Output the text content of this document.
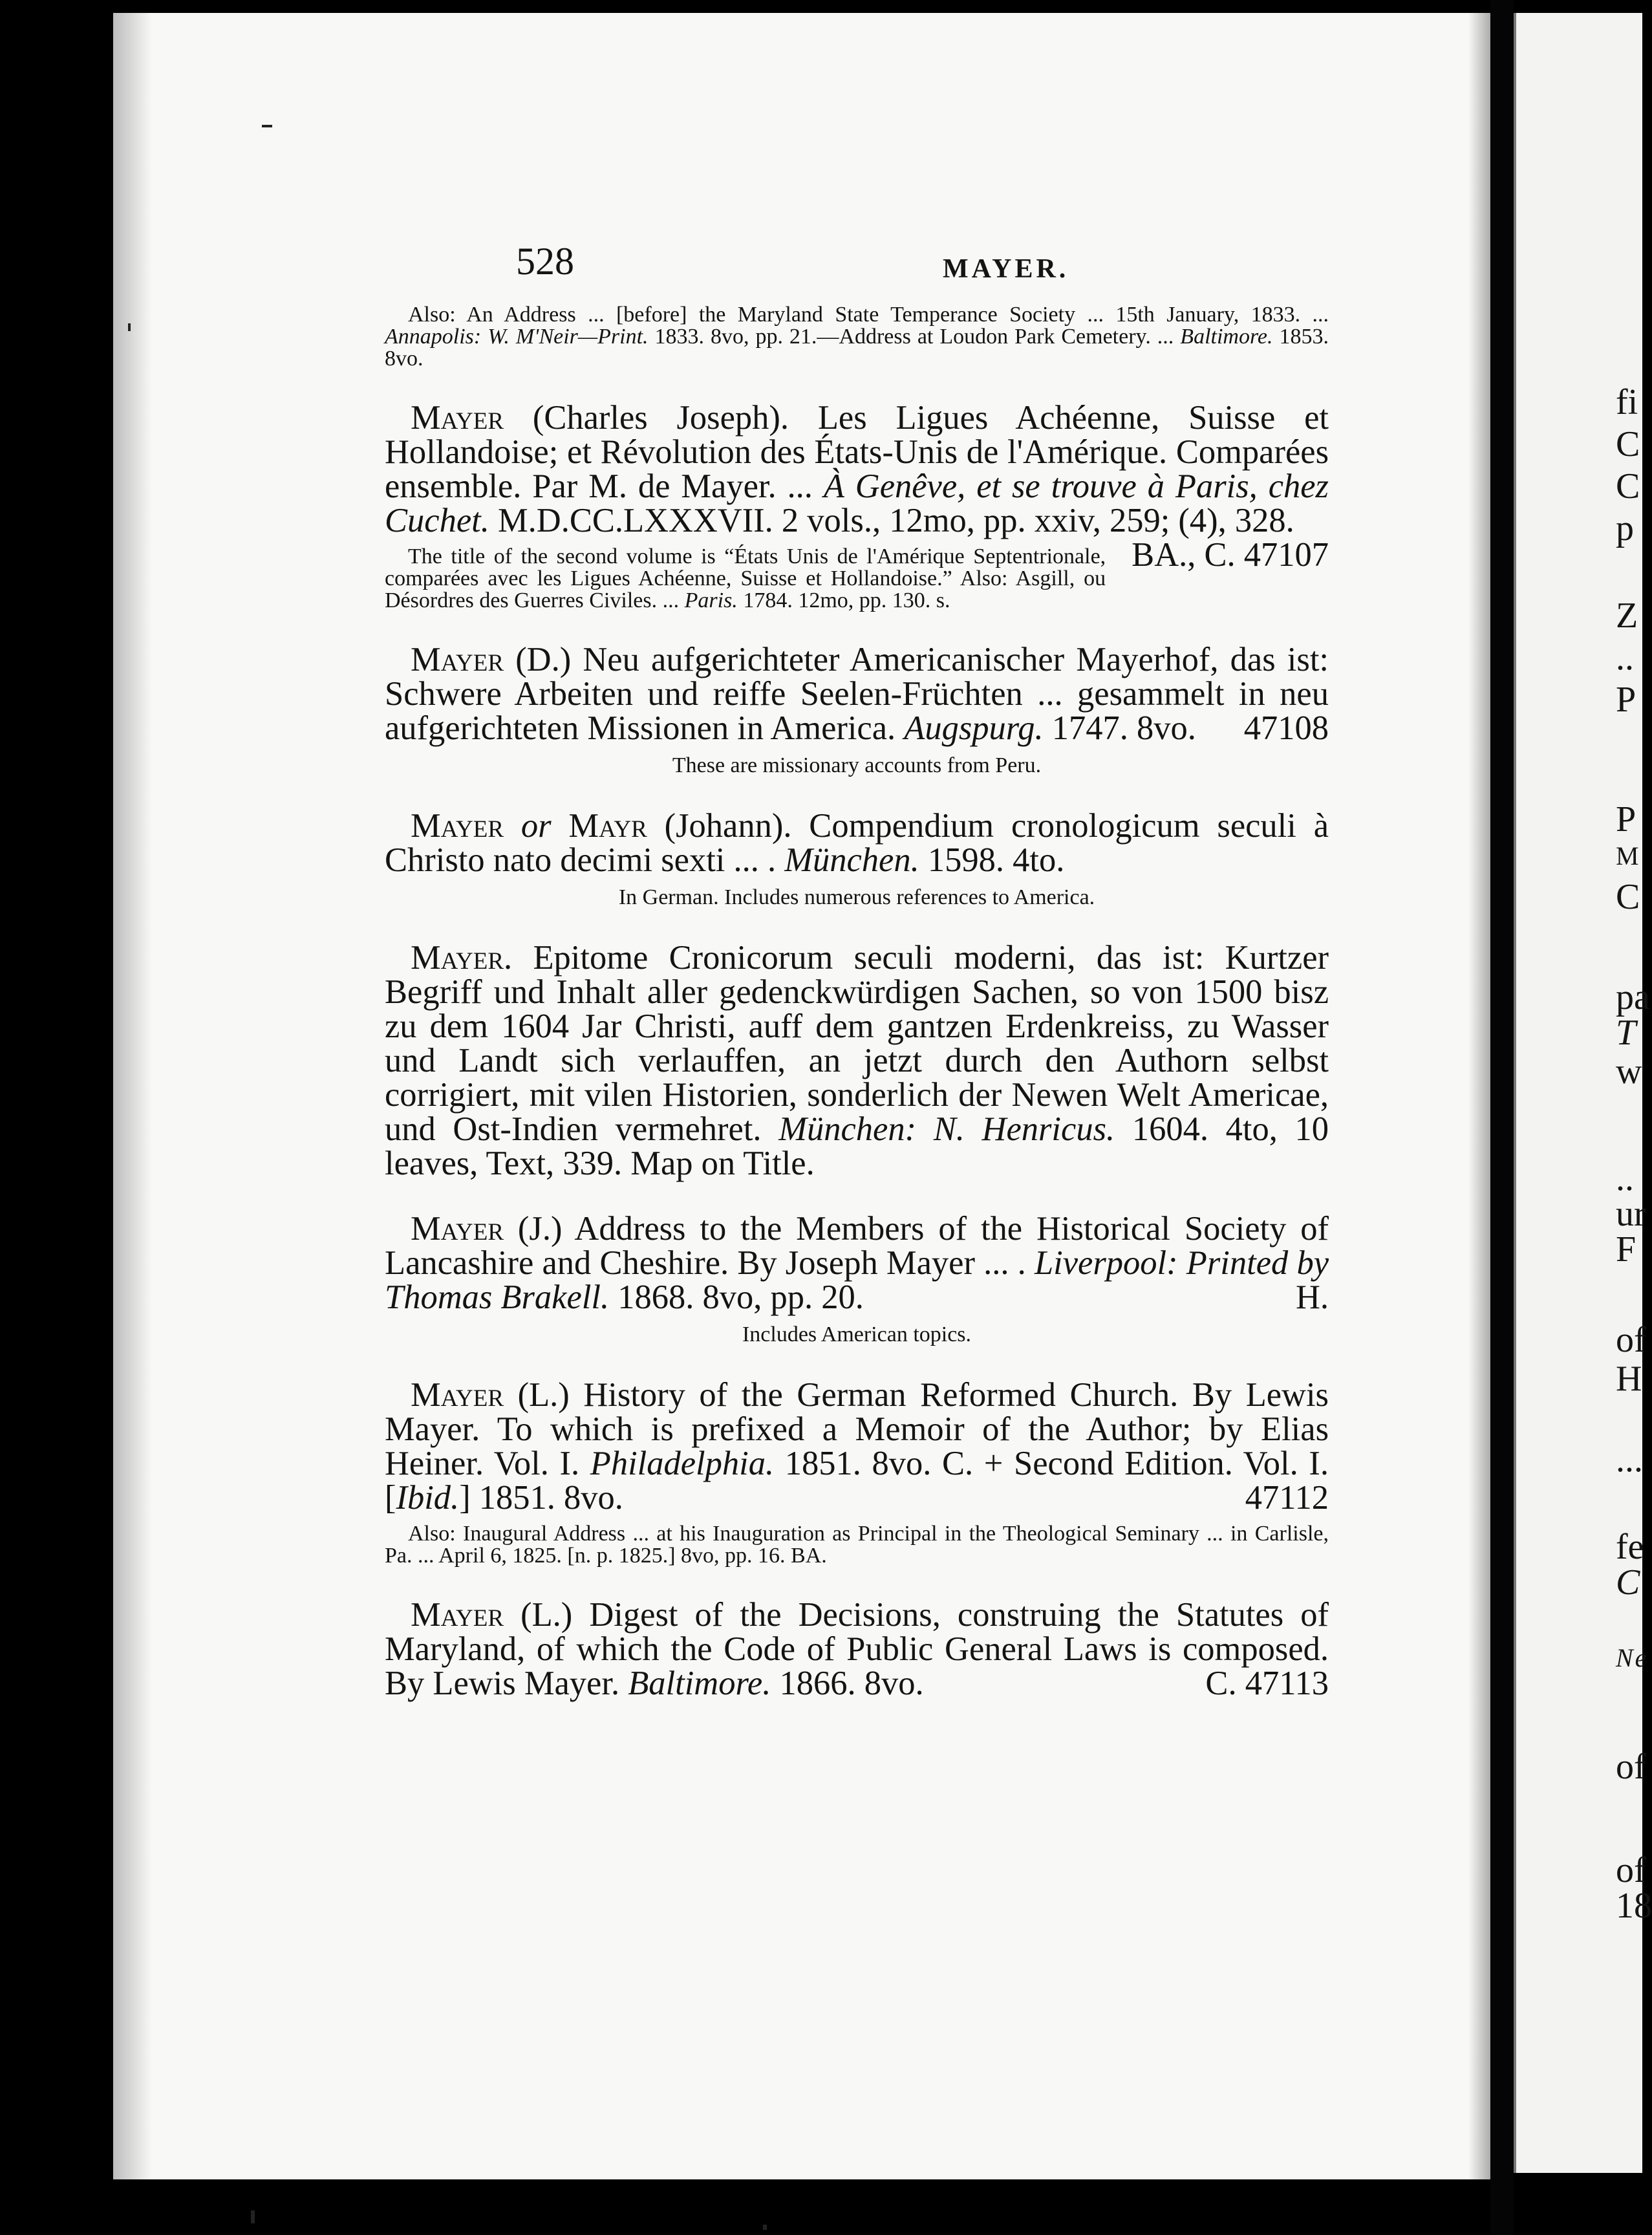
528	MAYER.

Also: An Address ... [before] the Maryland State Temperance Society ... 15th January, 1833. ... Annapolis: W. M'Neir—Print. 1833. 8vo, pp. 21.—Address at Loudon Park Cemetery. ... Baltimore. 1853. 8vo.

Mayer (Charles Joseph). Les Ligues Achéenne, Suisse et Hollandoise; et Révolution des États-Unis de l'Amérique. Comparées ensemble. Par M. de Mayer. ... À Genêve, et se trouve à Paris, chez Cuchet. M.D.CC.LXXXVII. 2 vols., 12mo, pp. xxiv, 259; (4), 328.
BA., C. 47107

The title of the second volume is “États Unis de l'Amérique Septentrionale, comparées avec les Ligues Achéenne, Suisse et Hollandoise.” Also: Asgill, ou Désordres des Guerres Civiles. ... Paris. 1784. 12mo, pp. 130. s.

Mayer (D.) Neu aufgerichteter Americanischer Mayerhof, das ist: Schwere Arbeiten und reiffe Seelen-Früchten ... gesammelt in neu aufgerichteten Missionen in America. Augspurg. 1747. 8vo.	47108

These are missionary accounts from Peru.

Mayer or Mayr (Johann). Compendium cronologicum seculi à Christo nato decimi sexti ... . München. 1598. 4to.

In German. Includes numerous references to America.

Mayer. Epitome Cronicorum seculi moderni, das ist: Kurtzer Begriff und Inhalt aller gedenckwürdigen Sachen, so von 1500 bisz zu dem 1604 Jar Christi, auff dem gantzen Erdenkreiss, zu Wasser und Landt sich verlauffen, an jetzt durch den Authorn selbst corrigiert, mit vilen Historien, sonderlich der Newen Welt Americae, und Ost-Indien vermehret. München: N. Henricus. 1604. 4to, 10 leaves, Text, 339. Map on Title.

Mayer (J.) Address to the Members of the Historical Society of Lancashire and Cheshire. By Joseph Mayer ... . Liverpool: Printed by Thomas Brakell. 1868. 8vo, pp. 20.	H.

Includes American topics.

Mayer (L.) History of the German Reformed Church. By Lewis Mayer. To which is prefixed a Memoir of the Author; by Elias Heiner. Vol. I. Philadelphia. 1851. 8vo. C. + Second Edition. Vol. I. [Ibid.] 1851. 8vo.	47112

Also: Inaugural Address ... at his Inauguration as Principal in the Theological Seminary ... in Carlisle, Pa. ... April 6, 1825. [n. p. 1825.] 8vo, pp. 16. BA.

Mayer (L.) Digest of the Decisions, construing the Statutes of Maryland, of which the Code of Public General Laws is composed. By Lewis Mayer. Baltimore. 1866. 8vo.	C. 47113

fi
C
C
p
Z
..
P
P
M
C
pa
T
w
..
ur
F
of
H
...
fe
C
Ne
of
of
18
